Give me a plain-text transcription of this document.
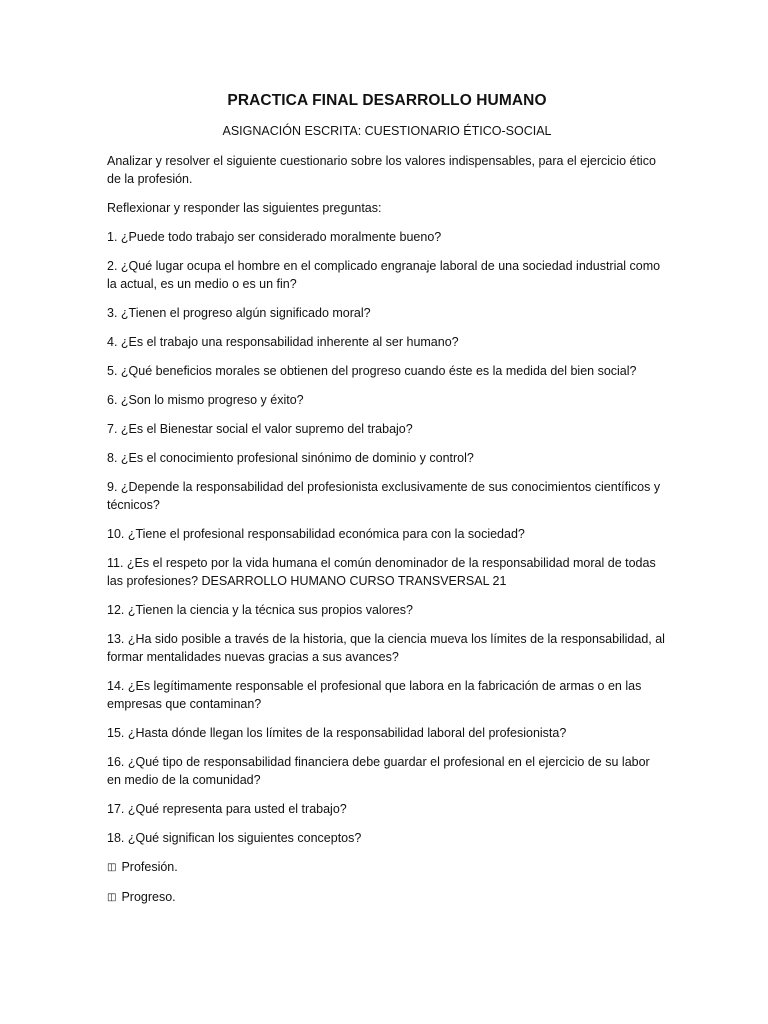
PRACTICA FINAL DESARROLLO HUMANO
ASIGNACIÓN ESCRITA: CUESTIONARIO ÉTICO-SOCIAL

Analizar y resolver el siguiente cuestionario sobre los valores indispensables, para el ejercicio ético de la profesión.

Reflexionar y responder las siguientes preguntas:

1. ¿Puede todo trabajo ser considerado moralmente bueno?

2. ¿Qué lugar ocupa el hombre en el complicado engranaje laboral de una sociedad industrial como la actual, es un medio o es un fin?

3. ¿Tienen el progreso algún significado moral?

4. ¿Es el trabajo una responsabilidad inherente al ser humano?

5. ¿Qué beneficios morales se obtienen del progreso cuando éste es la medida del bien social?

6. ¿Son lo mismo progreso y éxito?

7. ¿Es el Bienestar social el valor supremo del trabajo?

8. ¿Es el conocimiento profesional sinónimo de dominio y control?

9. ¿Depende la responsabilidad del profesionista exclusivamente de sus conocimientos científicos y técnicos?

10. ¿Tiene el profesional responsabilidad económica para con la sociedad?

11. ¿Es el respeto por la vida humana el común denominador de la responsabilidad moral de todas las profesiones? DESARROLLO HUMANO CURSO TRANSVERSAL 21

12. ¿Tienen la ciencia y la técnica sus propios valores?

13. ¿Ha sido posible a través de la historia, que la ciencia mueva los límites de la responsabilidad, al formar mentalidades nuevas gracias a sus avances?

14. ¿Es legítimamente responsable el profesional que labora en la fabricación de armas o en las empresas que contaminan?

15. ¿Hasta dónde llegan los límites de la responsabilidad laboral del profesionista?

16. ¿Qué tipo de responsabilidad financiera debe guardar el profesional en el ejercicio de su labor en medio de la comunidad?

17. ¿Qué representa para usted el trabajo?

18. ¿Qué significan los siguientes conceptos?

◫ Profesión.
◫ Progreso.
